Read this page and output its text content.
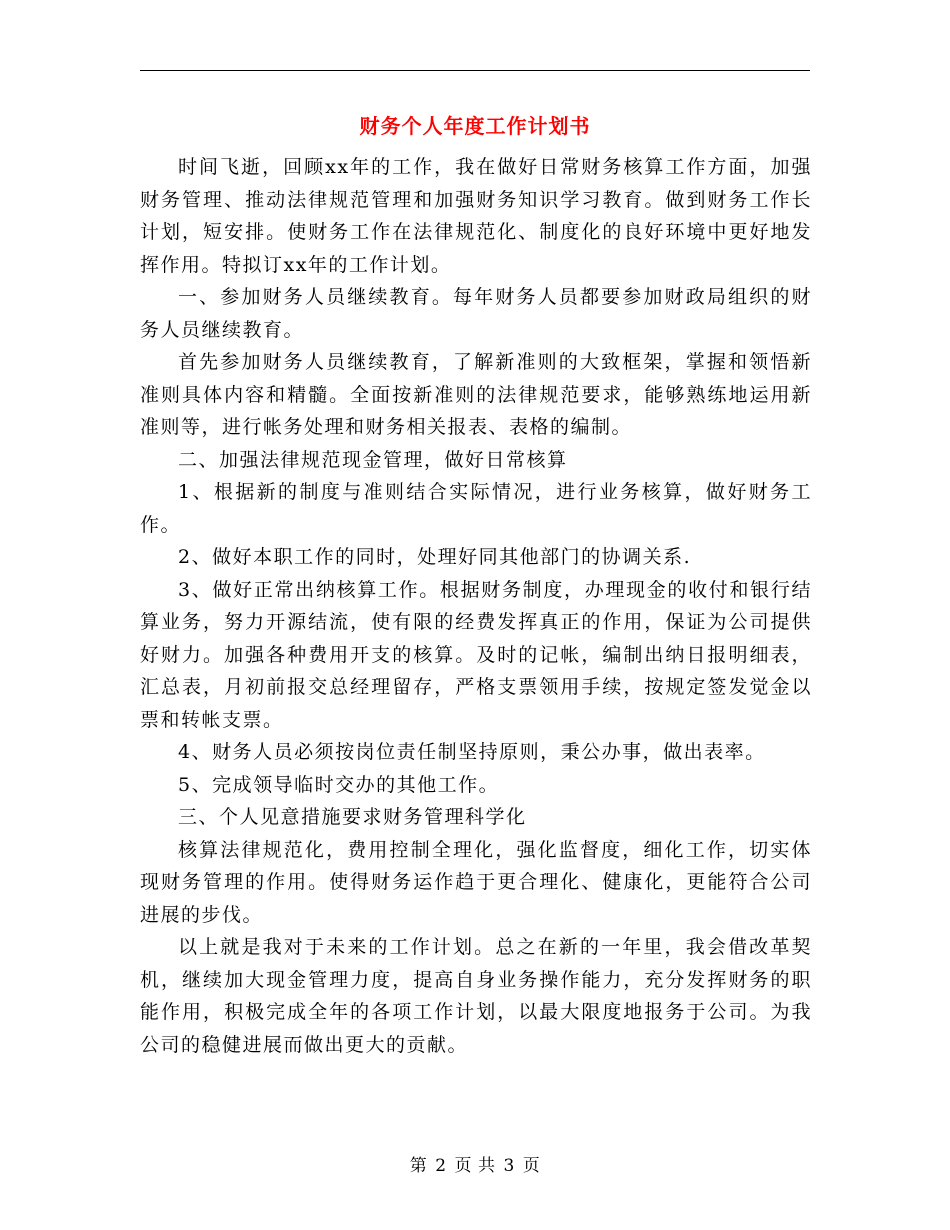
财务个人年度工作计划书

时间飞逝，回顾xx年的工作，我在做好日常财务核算工作方面，加强财务管理、推动法律规范管理和加强财务知识学习教育。做到财务工作长计划，短安排。使财务工作在法律规范化、制度化的良好环境中更好地发挥作用。特拟订xx年的工作计划。

一、参加财务人员继续教育。每年财务人员都要参加财政局组织的财务人员继续教育。

首先参加财务人员继续教育，了解新准则的大致框架，掌握和领悟新准则具体内容和精髓。全面按新准则的法律规范要求，能够熟练地运用新准则等，进行帐务处理和财务相关报表、表格的编制。

二、加强法律规范现金管理，做好日常核算

1、根据新的制度与准则结合实际情况，进行业务核算，做好财务工作。

2、做好本职工作的同时，处理好同其他部门的协调关系.

3、做好正常出纳核算工作。根据财务制度，办理现金的收付和银行结算业务，努力开源结流，使有限的经费发挥真正的作用，保证为公司提供好财力。加强各种费用开支的核算。及时的记帐，编制出纳日报明细表，汇总表，月初前报交总经理留存，严格支票领用手续，按规定签发觉金以票和转帐支票。

4、财务人员必须按岗位责任制坚持原则，秉公办事，做出表率。

5、完成领导临时交办的其他工作。

三、个人见意措施要求财务管理科学化

核算法律规范化，费用控制全理化，强化监督度，细化工作，切实体现财务管理的作用。使得财务运作趋于更合理化、健康化，更能符合公司进展的步伐。

以上就是我对于未来的工作计划。总之在新的一年里，我会借改革契机，继续加大现金管理力度，提高自身业务操作能力，充分发挥财务的职能作用，积极完成全年的各项工作计划，以最大限度地报务于公司。为我公司的稳健进展而做出更大的贡献。

第 2 页 共 3 页
